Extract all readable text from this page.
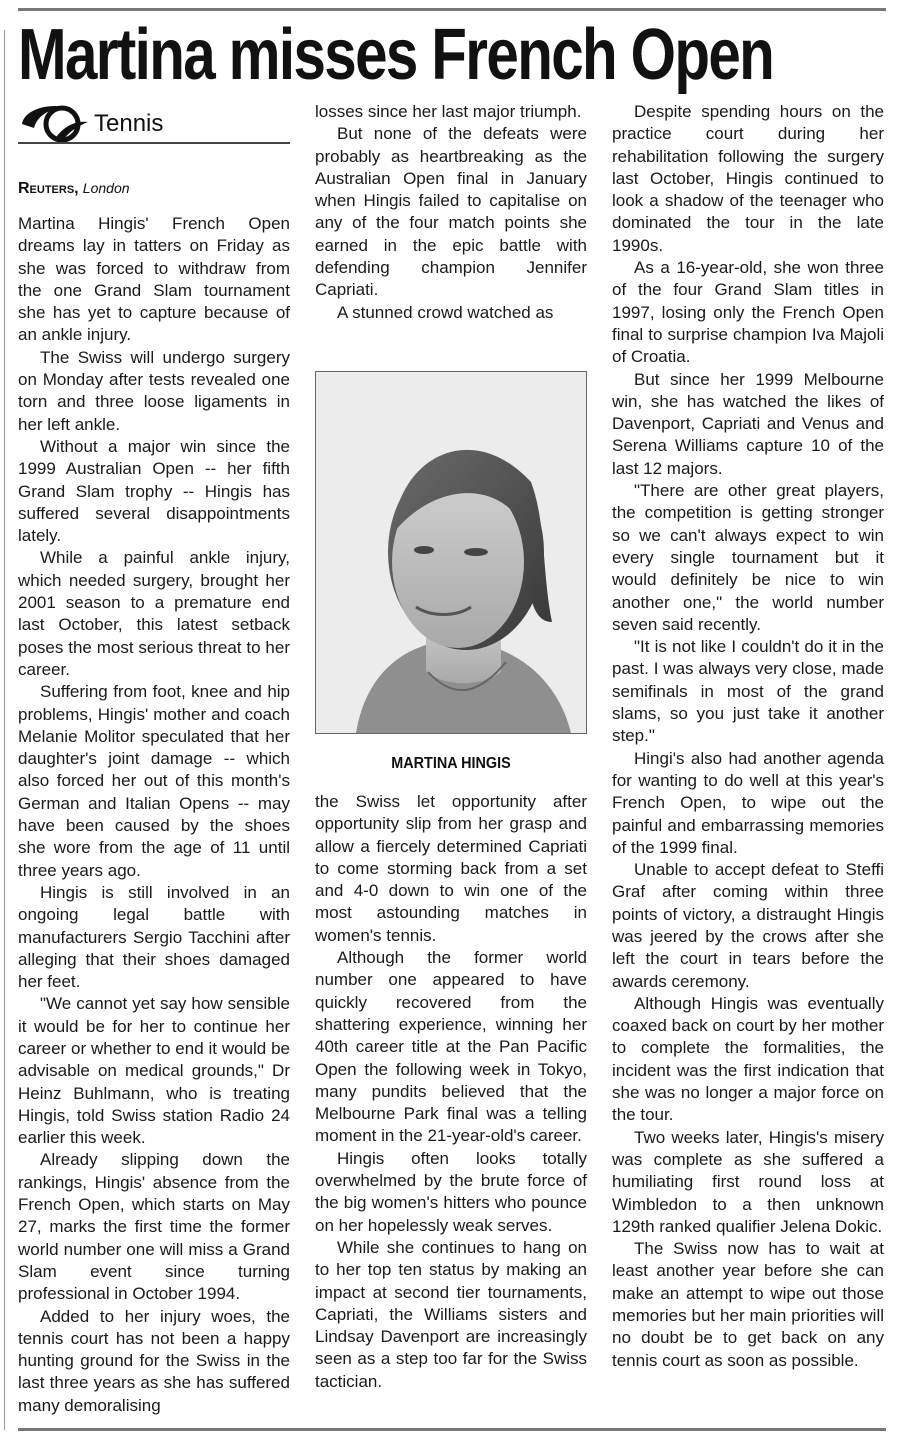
Martina misses French Open
Tennis
Reuters, London

Martina Hingis' French Open dreams lay in tatters on Friday as she was forced to withdraw from the one Grand Slam tournament she has yet to capture because of an ankle injury.

The Swiss will undergo surgery on Monday after tests revealed one torn and three loose ligaments in her left ankle.

Without a major win since the 1999 Australian Open -- her fifth Grand Slam trophy -- Hingis has suffered several disappointments lately.

While a painful ankle injury, which needed surgery, brought her 2001 season to a premature end last October, this latest setback poses the most serious threat to her career.

Suffering from foot, knee and hip problems, Hingis' mother and coach Melanie Molitor speculated that her daughter's joint damage -- which also forced her out of this month's German and Italian Opens -- may have been caused by the shoes she wore from the age of 11 until three years ago.

Hingis is still involved in an ongoing legal battle with manufacturers Sergio Tacchini after alleging that their shoes damaged her feet.

"We cannot yet say how sensible it would be for her to continue her career or whether to end it would be advisable on medical grounds," Dr Heinz Buhlmann, who is treating Hingis, told Swiss station Radio 24 earlier this week.

Already slipping down the rankings, Hingis' absence from the French Open, which starts on May 27, marks the first time the former world number one will miss a Grand Slam event since turning professional in October 1994.

Added to her injury woes, the tennis court has not been a happy hunting ground for the Swiss in the last three years as she has suffered many demoralising

losses since her last major triumph.

But none of the defeats were probably as heartbreaking as the Australian Open final in January when Hingis failed to capitalise on any of the four match points she earned in the epic battle with defending champion Jennifer Capriati.

A stunned crowd watched as

MARTINA HINGIS

the Swiss let opportunity after opportunity slip from her grasp and allow a fiercely determined Capriati to come storming back from a set and 4-0 down to win one of the most astounding matches in women's tennis.

Although the former world number one appeared to have quickly recovered from the shattering experience, winning her 40th career title at the Pan Pacific Open the following week in Tokyo, many pundits believed that the Melbourne Park final was a telling moment in the 21-year-old's career.

Hingis often looks totally overwhelmed by the brute force of the big women's hitters who pounce on her hopelessly weak serves.

While she continues to hang on to her top ten status by making an impact at second tier tournaments, Capriati, the Williams sisters and Lindsay Davenport are increasingly seen as a step too far for the Swiss tactician.

Despite spending hours on the practice court during her rehabilitation following the surgery last October, Hingis continued to look a shadow of the teenager who dominated the tour in the late 1990s.

As a 16-year-old, she won three of the four Grand Slam titles in 1997, losing only the French Open final to surprise champion Iva Majoli of Croatia.

But since her 1999 Melbourne win, she has watched the likes of Davenport, Capriati and Venus and Serena Williams capture 10 of the last 12 majors.

"There are other great players, the competition is getting stronger so we can't always expect to win every single tournament but it would definitely be nice to win another one," the world number seven said recently.

"It is not like I couldn't do it in the past. I was always very close, made semifinals in most of the grand slams, so you just take it another step."

Hingi's also had another agenda for wanting to do well at this year's French Open, to wipe out the painful and embarrassing memories of the 1999 final.

Unable to accept defeat to Steffi Graf after coming within three points of victory, a distraught Hingis was jeered by the crows after she left the court in tears before the awards ceremony.

Although Hingis was eventually coaxed back on court by her mother to complete the formalities, the incident was the first indication that she was no longer a major force on the tour.

Two weeks later, Hingis's misery was complete as she suffered a humiliating first round loss at Wimbledon to a then unknown 129th ranked qualifier Jelena Dokic.

The Swiss now has to wait at least another year before she can make an attempt to wipe out those memories but her main priorities will no doubt be to get back on any tennis court as soon as possible.
